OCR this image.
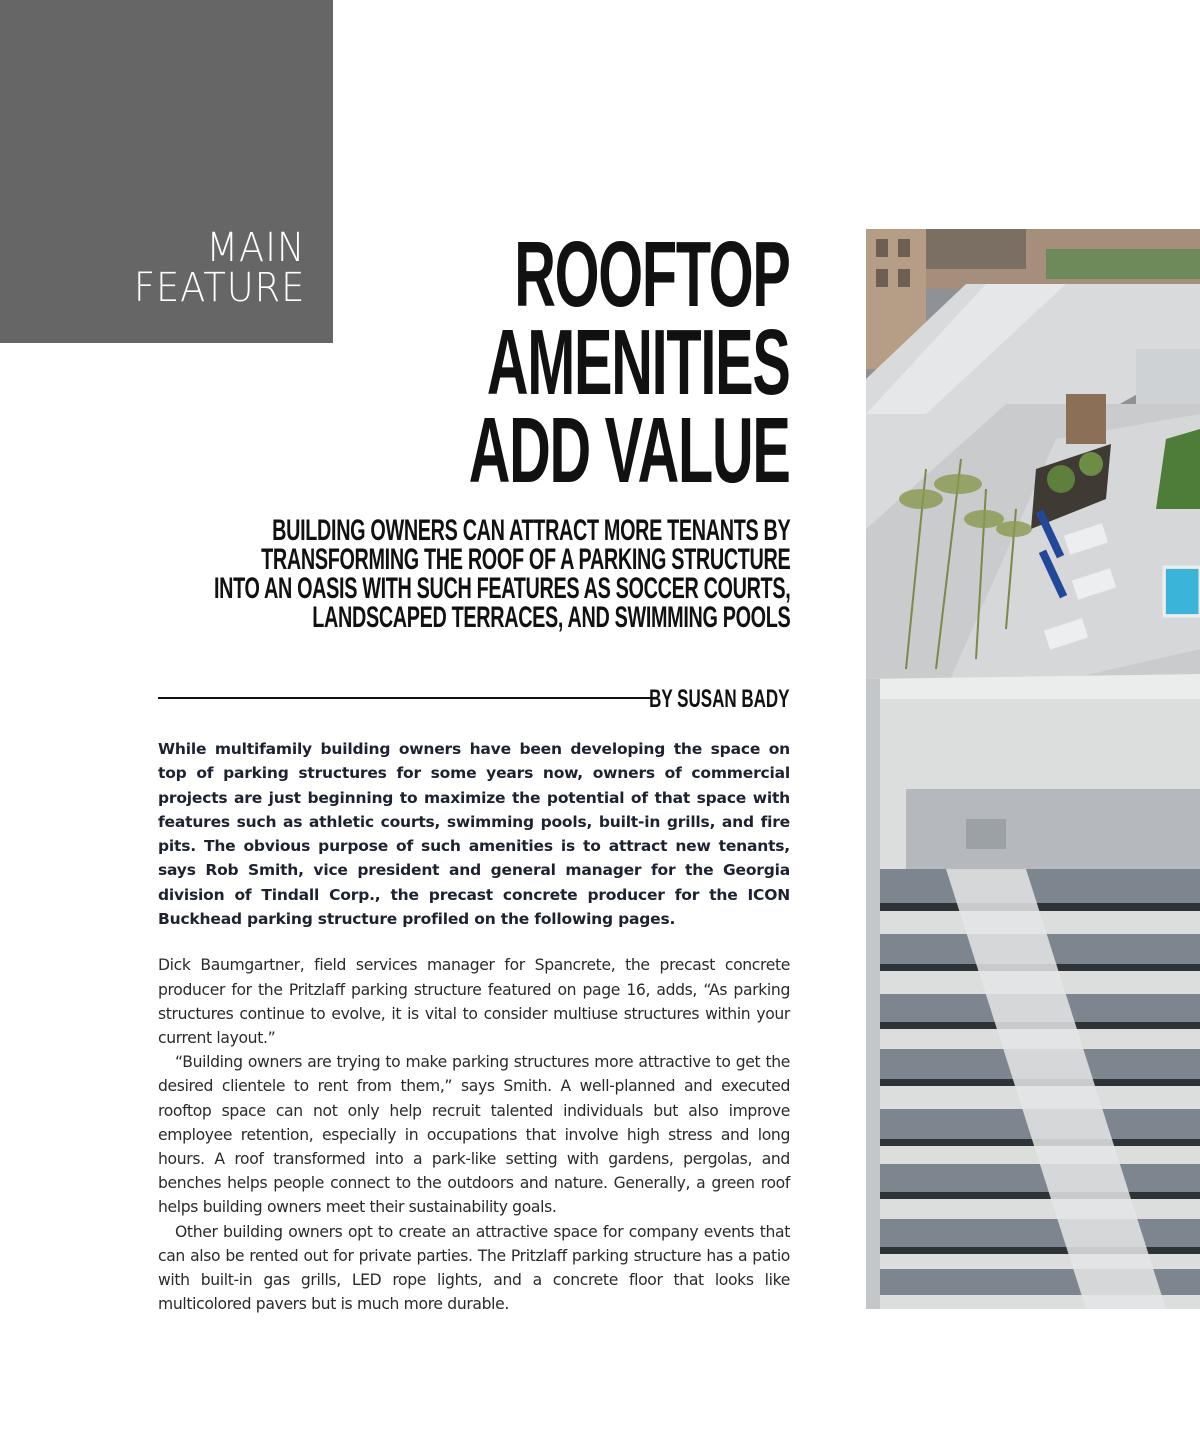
MAIN
FEATURE	ROOFTOP
AMENITIES
ADD VALUE
BUILDING OWNERS CAN ATTRACT MORE TENANTS BY
TRANSFORMING THE ROOF OF A PARKING STRUCTURE
INTO AN OASIS WITH SUCH FEATURES AS SOCCER COURTS,
LANDSCAPED TERRACES, AND SWIMMING POOLS
BY SUSAN BADY

While multifamily building owners have been developing the space on top of parking structures for some years now, owners of commercial projects are just beginning to maximize the potential of that space with features such as athletic courts, swimming pools, built-in grills, and fire pits. The obvious purpose of such amenities is to attract new tenants, says Rob Smith, vice president and general manager for the Georgia division of Tindall Corp., the precast concrete producer for the ICON Buckhead parking structure profiled on the following pages.

Dick Baumgartner, field services manager for Spancrete, the precast concrete producer for the Pritzlaff parking structure featured on page 16, adds, “As parking structures continue to evolve, it is vital to consider multiuse structures within your current layout.”

“Building owners are trying to make parking structures more attractive to get the desired clientele to rent from them,” says Smith. A well-planned and executed rooftop space can not only help recruit talented individuals but also improve employee retention, especially in occupations that involve high stress and long hours. A roof transformed into a park-like setting with gardens, pergolas, and benches helps people connect to the outdoors and nature. Generally, a green roof helps building owners meet their sustainability goals.

Other building owners opt to create an attractive space for company events that can also be rented out for private parties. The Pritzlaff parking structure has a patio with built-in gas grills, LED rope lights, and a concrete floor that looks like multicolored pavers but is much more durable.
